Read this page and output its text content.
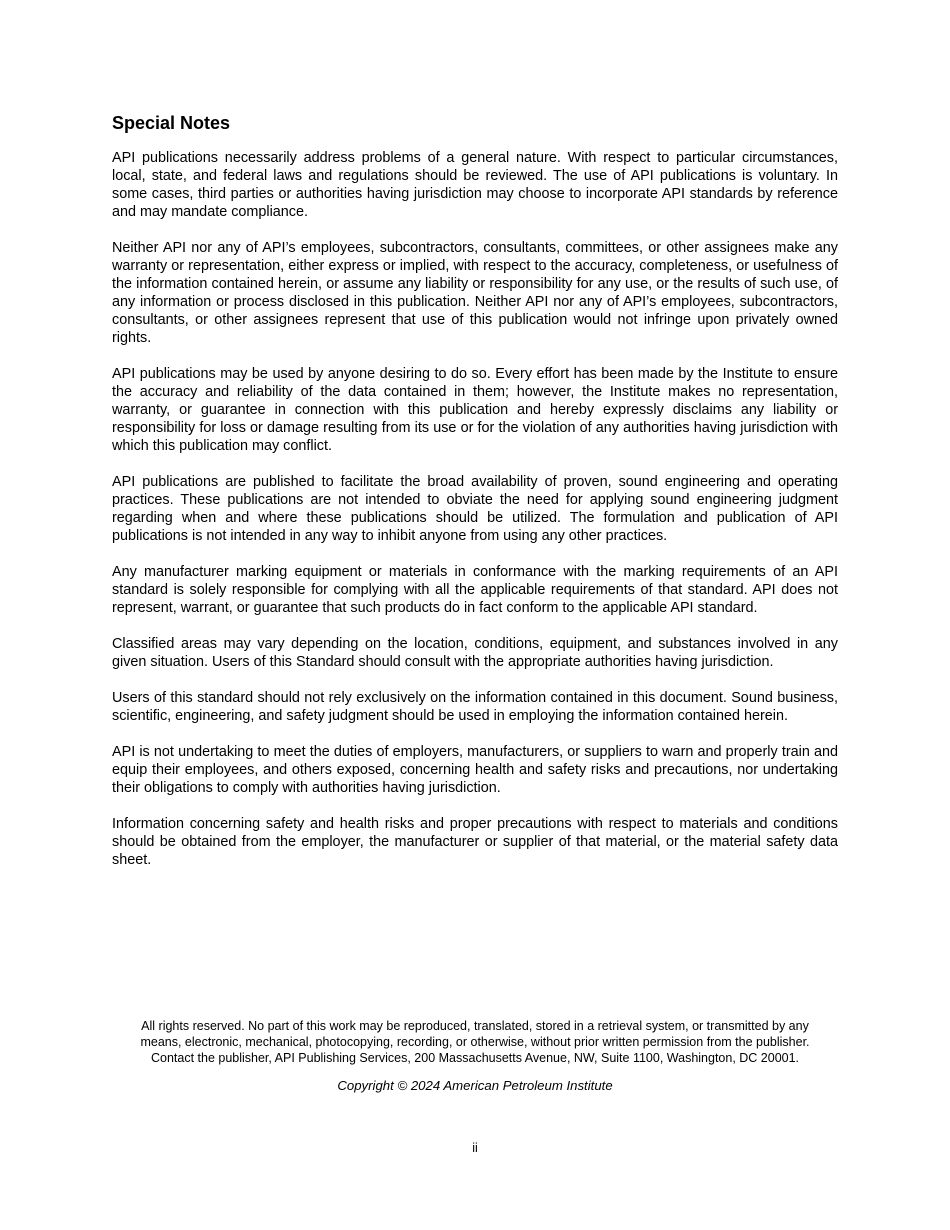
Special Notes

API publications necessarily address problems of a general nature. With respect to particular circumstances, local, state, and federal laws and regulations should be reviewed. The use of API publications is voluntary. In some cases, third parties or authorities having jurisdiction may choose to incorporate API standards by reference and may mandate compliance.

Neither API nor any of API’s employees, subcontractors, consultants, committees, or other assignees make any warranty or representation, either express or implied, with respect to the accuracy, completeness, or usefulness of the information contained herein, or assume any liability or responsibility for any use, or the results of such use, of any information or process disclosed in this publication. Neither API nor any of API’s employees, subcontractors, consultants, or other assignees represent that use of this publication would not infringe upon privately owned rights.

API publications may be used by anyone desiring to do so. Every effort has been made by the Institute to ensure the accuracy and reliability of the data contained in them; however, the Institute makes no representation, warranty, or guarantee in connection with this publication and hereby expressly disclaims any liability or responsibility for loss or damage resulting from its use or for the violation of any authorities having jurisdiction with which this publication may conflict.

API publications are published to facilitate the broad availability of proven, sound engineering and operating practices. These publications are not intended to obviate the need for applying sound engineering judgment regarding when and where these publications should be utilized. The formulation and publication of API publications is not intended in any way to inhibit anyone from using any other practices.

Any manufacturer marking equipment or materials in conformance with the marking requirements of an API standard is solely responsible for complying with all the applicable requirements of that standard. API does not represent, warrant, or guarantee that such products do in fact conform to the applicable API standard.

Classified areas may vary depending on the location, conditions, equipment, and substances involved in any given situation. Users of this Standard should consult with the appropriate authorities having jurisdiction.

Users of this standard should not rely exclusively on the information contained in this document. Sound business, scientific, engineering, and safety judgment should be used in employing the information contained herein.

API is not undertaking to meet the duties of employers, manufacturers, or suppliers to warn and properly train and equip their employees, and others exposed, concerning health and safety risks and precautions, nor undertaking their obligations to comply with authorities having jurisdiction.

Information concerning safety and health risks and proper precautions with respect to materials and conditions should be obtained from the employer, the manufacturer or supplier of that material, or the material safety data sheet.

All rights reserved. No part of this work may be reproduced, translated, stored in a retrieval system, or transmitted by any means, electronic, mechanical, photocopying, recording, or otherwise, without prior written permission from the publisher. Contact the publisher, API Publishing Services, 200 Massachusetts Avenue, NW, Suite 1100, Washington, DC 20001.

Copyright © 2024 American Petroleum Institute

ii
